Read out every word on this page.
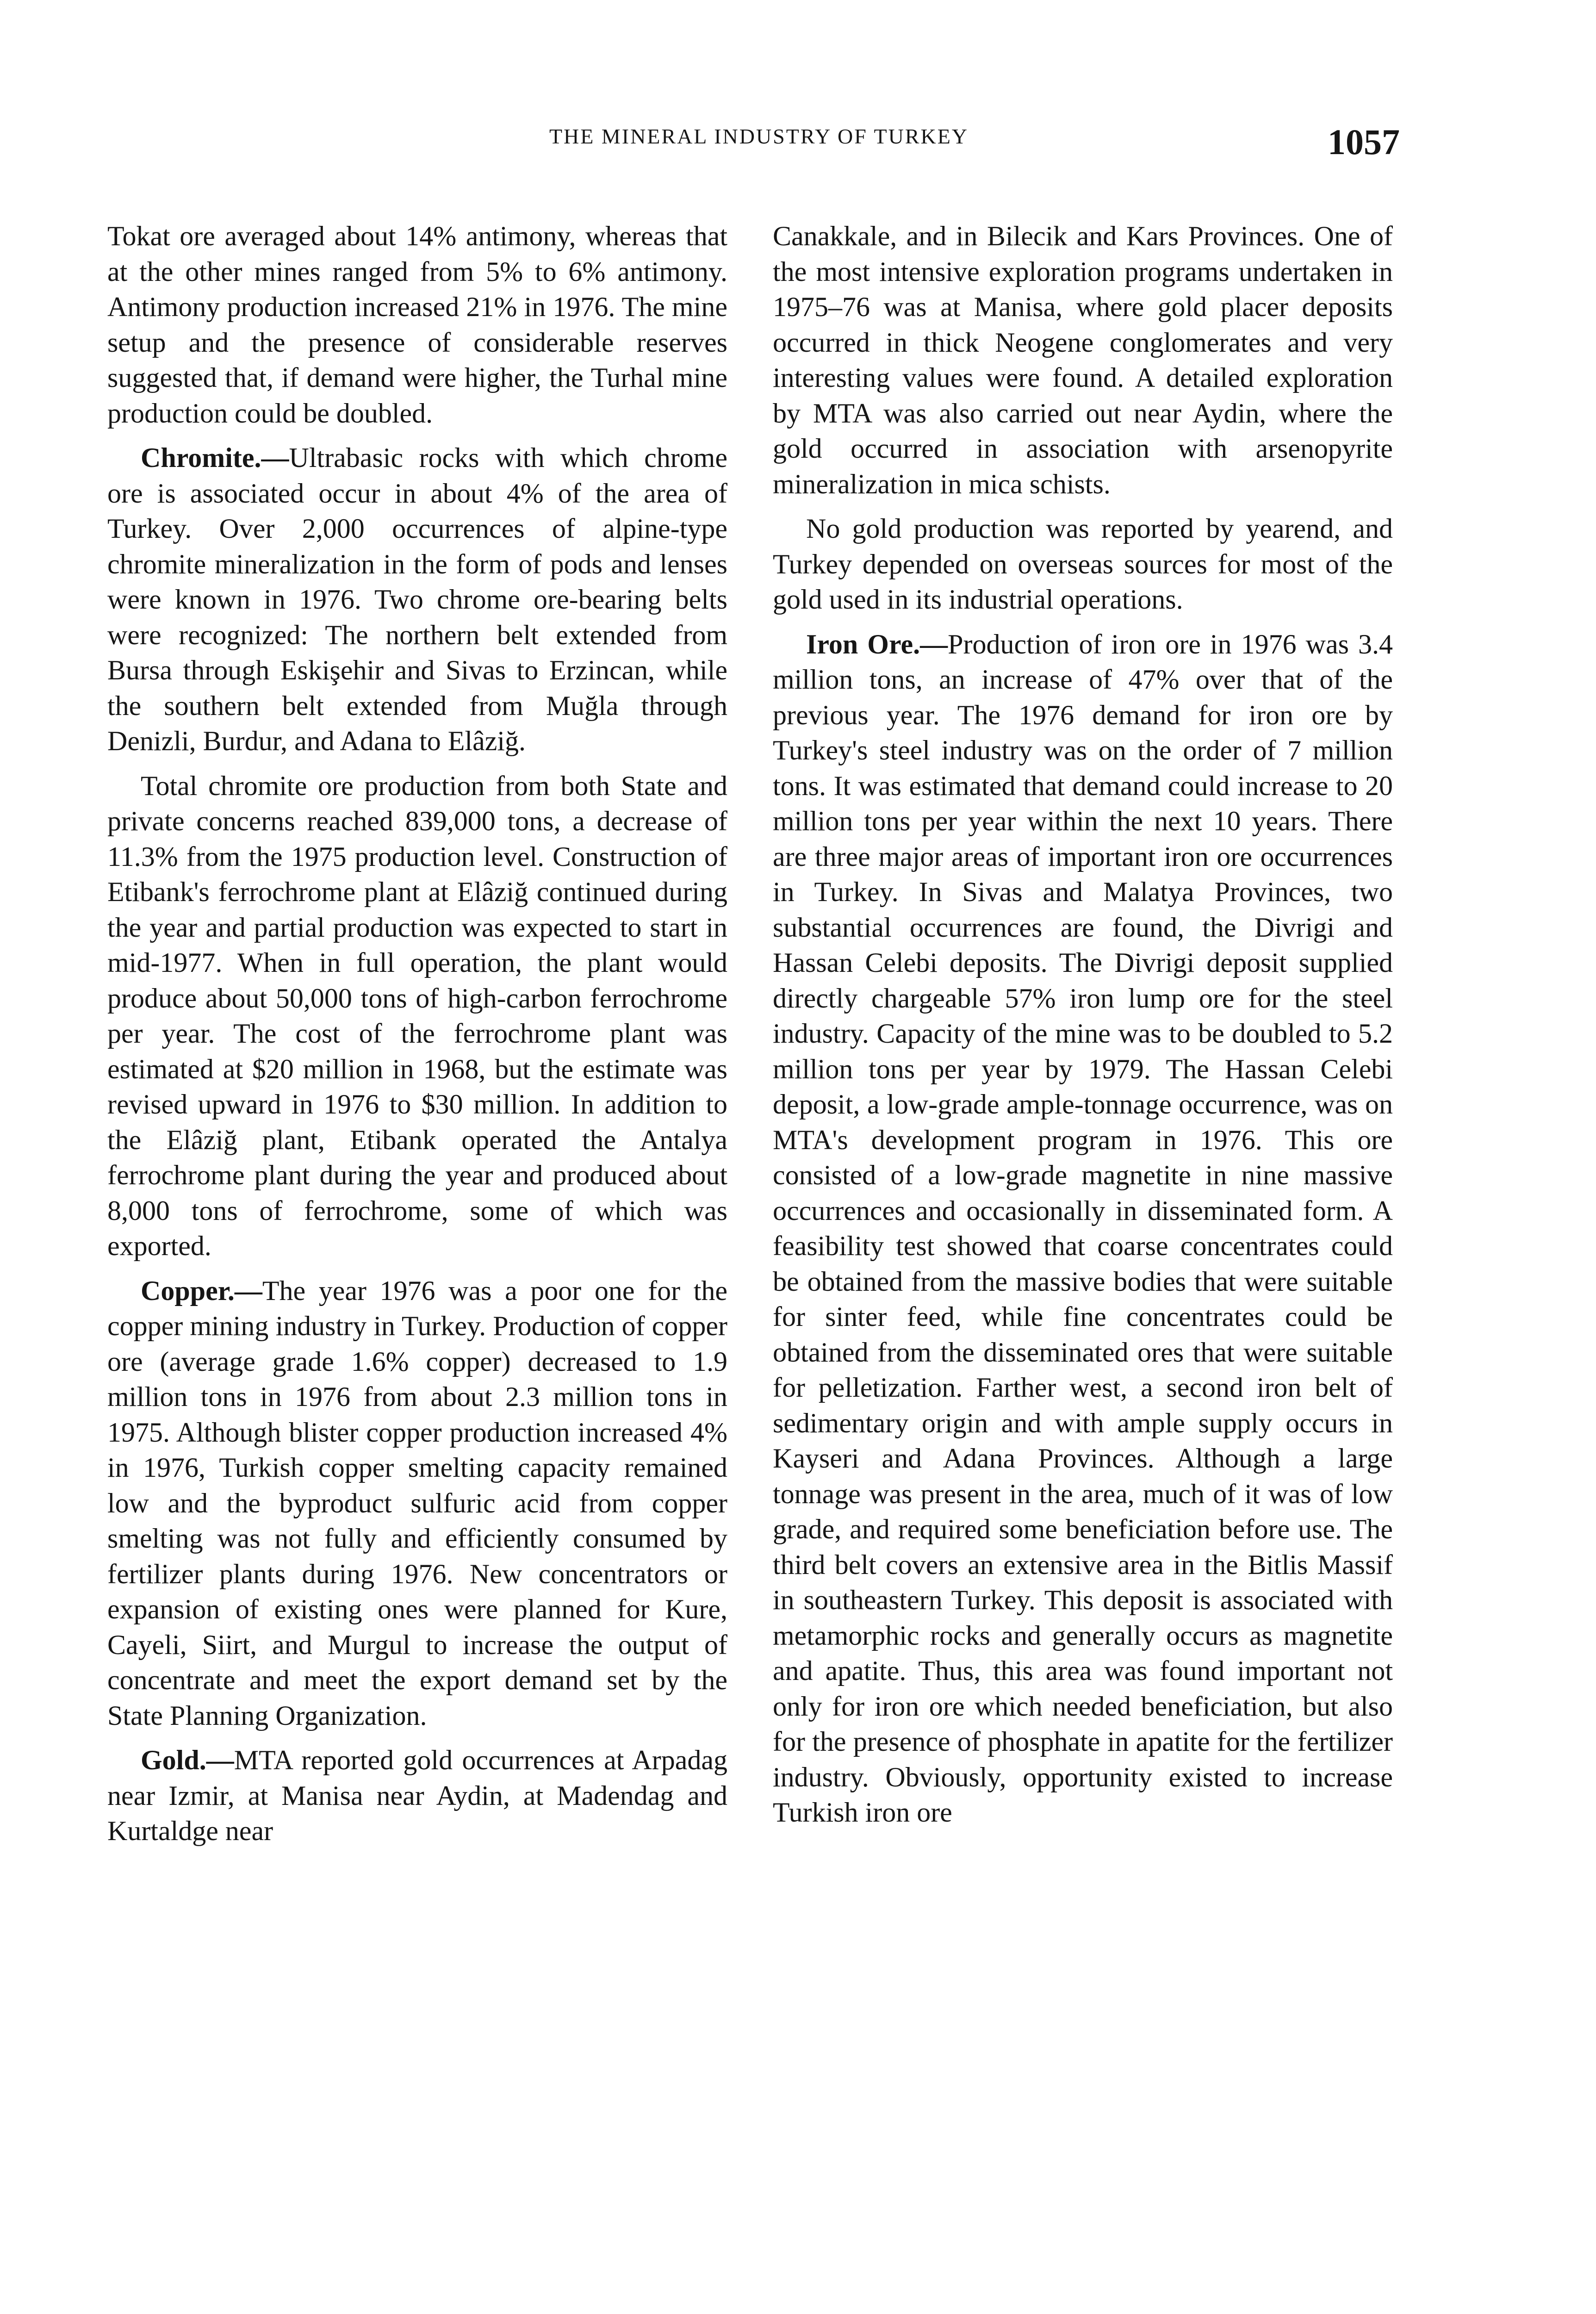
THE MINERAL INDUSTRY OF TURKEY	1057

Tokat ore averaged about 14% antimony, whereas that at the other mines ranged from 5% to 6% antimony. Antimony production increased 21% in 1976. The mine setup and the presence of considerable reserves suggested that, if demand were higher, the Turhal mine production could be doubled.

Chromite.—Ultrabasic rocks with which chrome ore is associated occur in about 4% of the area of Turkey. Over 2,000 occurrences of alpine-type chromite mineralization in the form of pods and lenses were known in 1976. Two chrome ore-bearing belts were recognized: The northern belt extended from Bursa through Eskişehir and Sivas to Erzincan, while the southern belt extended from Muğla through Denizli, Burdur, and Adana to Elâziğ.

Total chromite ore production from both State and private concerns reached 839,000 tons, a decrease of 11.3% from the 1975 production level. Construction of Etibank's ferrochrome plant at Elâziğ continued during the year and partial production was expected to start in mid-1977. When in full operation, the plant would produce about 50,000 tons of high-carbon ferrochrome per year. The cost of the ferrochrome plant was estimated at $20 million in 1968, but the estimate was revised upward in 1976 to $30 million. In addition to the Elâziğ plant, Etibank operated the Antalya ferrochrome plant during the year and produced about 8,000 tons of ferrochrome, some of which was exported.

Copper.—The year 1976 was a poor one for the copper mining industry in Turkey. Production of copper ore (average grade 1.6% copper) decreased to 1.9 million tons in 1976 from about 2.3 million tons in 1975. Although blister copper production increased 4% in 1976, Turkish copper smelting capacity remained low and the byproduct sulfuric acid from copper smelting was not fully and efficiently consumed by fertilizer plants during 1976. New concentrators or expansion of existing ones were planned for Kure, Cayeli, Siirt, and Murgul to increase the output of concentrate and meet the export demand set by the State Planning Organization.

Gold.—MTA reported gold occurrences at Arpadag near Izmir, at Manisa near Aydin, at Madendag and Kurtaldge near

Canakkale, and in Bilecik and Kars Provinces. One of the most intensive exploration programs undertaken in 1975–76 was at Manisa, where gold placer deposits occurred in thick Neogene conglomerates and very interesting values were found. A detailed exploration by MTA was also carried out near Aydin, where the gold occurred in association with arsenopyrite mineralization in mica schists.

No gold production was reported by yearend, and Turkey depended on overseas sources for most of the gold used in its industrial operations.

Iron Ore.—Production of iron ore in 1976 was 3.4 million tons, an increase of 47% over that of the previous year. The 1976 demand for iron ore by Turkey's steel industry was on the order of 7 million tons. It was estimated that demand could increase to 20 million tons per year within the next 10 years. There are three major areas of important iron ore occurrences in Turkey. In Sivas and Malatya Provinces, two substantial occurrences are found, the Divrigi and Hassan Celebi deposits. The Divrigi deposit supplied directly chargeable 57% iron lump ore for the steel industry. Capacity of the mine was to be doubled to 5.2 million tons per year by 1979. The Hassan Celebi deposit, a low-grade ample-tonnage occurrence, was on MTA's development program in 1976. This ore consisted of a low-grade magnetite in nine massive occurrences and occasionally in disseminated form. A feasibility test showed that coarse concentrates could be obtained from the massive bodies that were suitable for sinter feed, while fine concentrates could be obtained from the disseminated ores that were suitable for pelletization. Farther west, a second iron belt of sedimentary origin and with ample supply occurs in Kayseri and Adana Provinces. Although a large tonnage was present in the area, much of it was of low grade, and required some beneficiation before use. The third belt covers an extensive area in the Bitlis Massif in southeastern Turkey. This deposit is associated with metamorphic rocks and generally occurs as magnetite and apatite. Thus, this area was found important not only for iron ore which needed beneficiation, but also for the presence of phosphate in apatite for the fertilizer industry. Obviously, opportunity existed to increase Turkish iron ore
